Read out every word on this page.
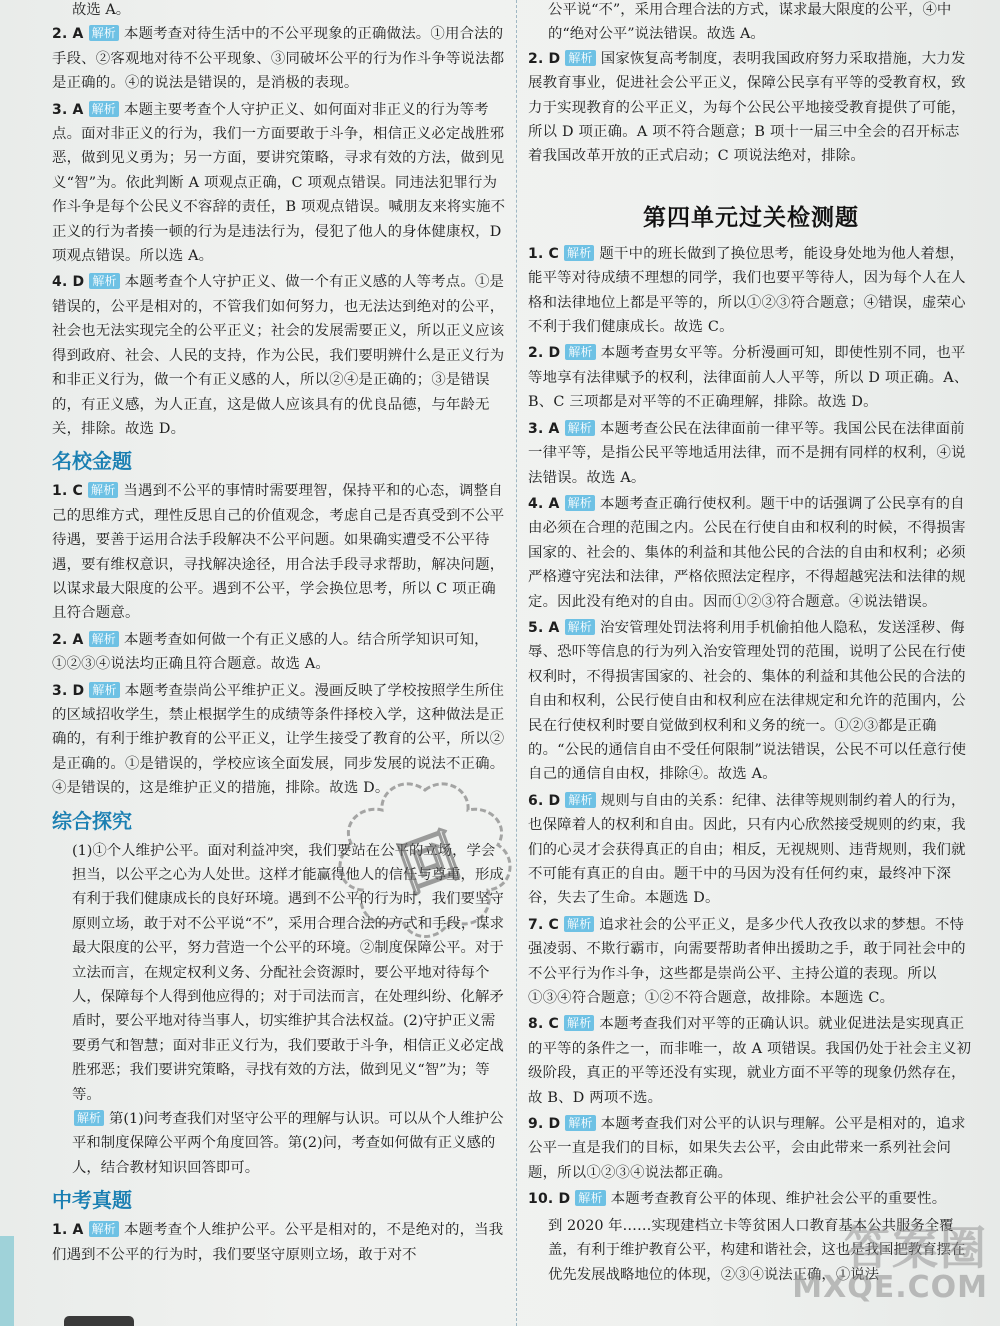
故选 A。

2. A 解析 本题考查对待生活中的不公平现象的正确做法。①用合法的手段、②客观地对待不公平现象、③同破坏公平的行为作斗争等说法都是正确的。④的说法是错误的，是消极的表现。

3. A 解析 本题主要考查个人守护正义、如何面对非正义的行为等考点。面对非正义的行为，我们一方面要敢于斗争，相信正义必定战胜邪恶，做到见义勇为；另一方面，要讲究策略，寻求有效的方法，做到见义“智”为。依此判断 A 项观点正确，C 项观点错误。同违法犯罪行为作斗争是每个公民义不容辞的责任，B 项观点错误。喊朋友来将实施不正义的行为者揍一顿的行为是违法行为，侵犯了他人的身体健康权，D 项观点错误。所以选 A。

4. D 解析 本题考查个人守护正义、做一个有正义感的人等考点。①是错误的，公平是相对的，不管我们如何努力，也无法达到绝对的公平，社会也无法实现完全的公平正义；社会的发展需要正义，所以正义应该得到政府、社会、人民的支持，作为公民，我们要明辨什么是正义行为和非正义行为，做一个有正义感的人，所以②④是正确的；③是错误的，有正义感，为人正直，这是做人应该具有的优良品德，与年龄无关，排除。故选 D。

名校金题

1. C 解析 当遇到不公平的事情时需要理智，保持平和的心态，调整自己的思维方式，理性反思自己的价值观念，考虑自己是否真受到不公平待遇，要善于运用合法手段解决不公平问题。如果确实遭受不公平待遇，要有维权意识，寻找解决途径，用合法手段寻求帮助，解决问题，以谋求最大限度的公平。遇到不公平，学会换位思考，所以 C 项正确且符合题意。

2. A 解析 本题考查如何做一个有正义感的人。结合所学知识可知，①②③④说法均正确且符合题意。故选 A。

3. D 解析 本题考查崇尚公平维护正义。漫画反映了学校按照学生所住的区域招收学生，禁止根据学生的成绩等条件择校入学，这种做法是正确的，有利于维护教育的公平正义，让学生接受了教育的公平，所以②是正确的。①是错误的，学校应该全面发展，同步发展的说法不正确。④是错误的，这是维护正义的措施，排除。故选 D。

综合探究

(1)①个人维护公平。面对利益冲突，我们要站在公平的立场，学会担当，以公平之心为人处世。这样才能赢得他人的信任与尊重，形成有利于我们健康成长的良好环境。遇到不公平的行为时，我们要坚守原则立场，敢于对不公平说“不”，采用合理合法的方式和手段，谋求最大限度的公平，努力营造一个公平的环境。②制度保障公平。对于立法而言，在规定权利义务、分配社会资源时，要公平地对待每个人，保障每个人得到他应得的；对于司法而言，在处理纠纷、化解矛盾时，要公平地对待当事人，切实维护其合法权益。(2)守护正义需要勇气和智慧；面对非正义行为，我们要敢于斗争，相信正义必定战胜邪恶；我们要讲究策略，寻找有效的方法，做到见义“智”为；等等。

解析 第(1)问考查我们对坚守公平的理解与认识。可以从个人维护公平和制度保障公平两个角度回答。第(2)问，考查如何做有正义感的人，结合教材知识回答即可。

中考真题

1. A 解析 本题考查个人维护公平。公平是相对的，不是绝对的，当我们遇到不公平的行为时，我们要坚守原则立场，敢于对不

公平说“不”，采用合理合法的方式，谋求最大限度的公平，④中的“绝对公平”说法错误。故选 A。

2. D 解析 国家恢复高考制度，表明我国政府努力采取措施，大力发展教育事业，促进社会公平正义，保障公民享有平等的受教育权，致力于实现教育的公平正义，为每个公民公平地接受教育提供了可能，所以 D 项正确。A 项不符合题意；B 项十一届三中全会的召开标志着我国改革开放的正式启动；C 项说法绝对，排除。

第四单元过关检测题

1. C 解析 题干中的班长做到了换位思考，能设身处地为他人着想，能平等对待成绩不理想的同学，我们也要平等待人，因为每个人在人格和法律地位上都是平等的，所以①②③符合题意；④错误，虚荣心不利于我们健康成长。故选 C。

2. D 解析 本题考查男女平等。分析漫画可知，即使性别不同，也平等地享有法律赋予的权利，法律面前人人平等，所以 D 项正确。A、B、C 三项都是对平等的不正确理解，排除。故选 D。

3. A 解析 本题考查公民在法律面前一律平等。我国公民在法律面前一律平等，是指公民平等地适用法律，而不是拥有同样的权利，④说法错误。故选 A。

4. A 解析 本题考查正确行使权利。题干中的话强调了公民享有的自由必须在合理的范围之内。公民在行使自由和权利的时候，不得损害国家的、社会的、集体的利益和其他公民的合法的自由和权利；必须严格遵守宪法和法律，严格依照法定程序，不得超越宪法和法律的规定。因此没有绝对的自由。因而①②③符合题意。④说法错误。

5. A 解析 治安管理处罚法将利用手机偷拍他人隐私，发送淫秽、侮辱、恐吓等信息的行为列入治安管理处罚的范围，说明了公民在行使权利时，不得损害国家的、社会的、集体的利益和其他公民的合法的自由和权利，公民行使自由和权利应在法律规定和允许的范围内，公民在行使权利时要自觉做到权利和义务的统一。①②③都是正确的。“公民的通信自由不受任何限制”说法错误，公民不可以任意行使自己的通信自由权，排除④。故选 A。

6. D 解析 规则与自由的关系：纪律、法律等规则制约着人的行为，也保障着人的权利和自由。因此，只有内心欣然接受规则的约束，我们的心灵才会获得真正的自由；相反，无视规则、违背规则，我们就不可能有真正的自由。题干中的马因为没有任何约束，最终冲下深谷，失去了生命。本题选 D。

7. C 解析 追求社会的公平正义，是多少代人孜孜以求的梦想。不恃强凌弱、不欺行霸市，向需要帮助者伸出援助之手，敢于同社会中的不公平行为作斗争，这些都是崇尚公平、主持公道的表现。所以①③④符合题意；①②不符合题意，故排除。本题选 C。

8. C 解析 本题考查我们对平等的正确认识。就业促进法是实现真正的平等的条件之一，而非唯一，故 A 项错误。我国仍处于社会主义初级阶段，真正的平等还没有实现，就业方面不平等的现象仍然存在，故 B、D 两项不选。

9. D 解析 本题考查我们对公平的认识与理解。公平是相对的，追求公平一直是我们的目标，如果失去公平，会由此带来一系列社会问题，所以①②③④说法都正确。

10. D 解析 本题考查教育公平的体现、维护社会公平的重要性。

到 2020 年……实现建档立卡等贫困人口教育基本公共服务全覆盖，有利于维护教育公平，构建和谐社会，这也是我国把教育摆在优先发展战略地位的体现，②③④说法正确，①说法

回
答案圈
MXQE.COM
